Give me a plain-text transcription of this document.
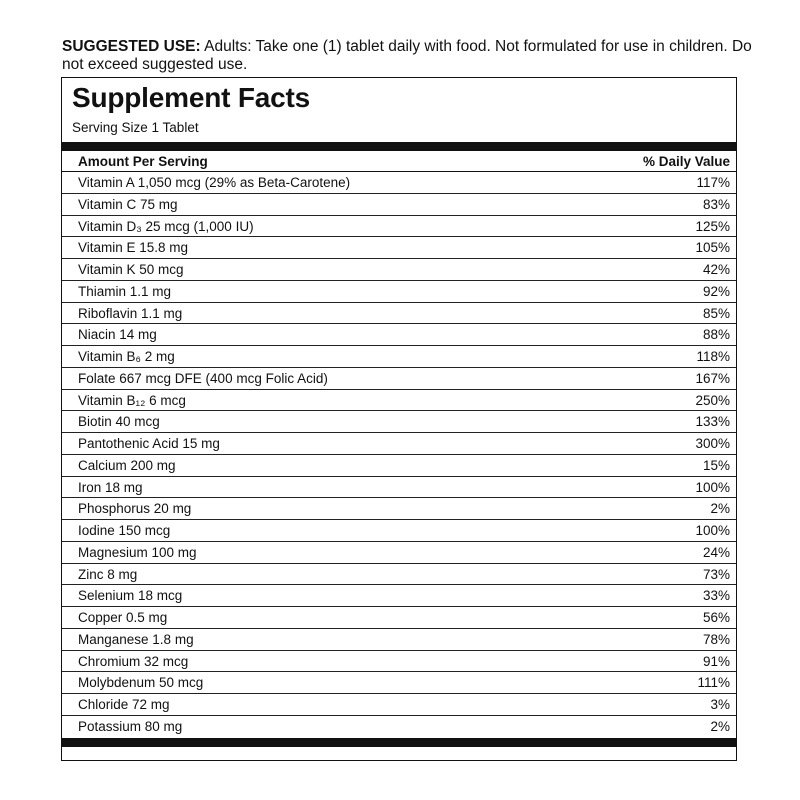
SUGGESTED USE: Adults: Take one (1) tablet daily with food. Not formulated for use in children. Do not exceed suggested use.
Supplement Facts
Serving Size 1 Tablet
Amount Per Serving	% Daily Value
Vitamin A 1,050 mcg (29% as Beta-Carotene)	117%
Vitamin C 75 mg	83%
Vitamin D₃ 25 mcg (1,000 IU)	125%
Vitamin E 15.8 mg	105%
Vitamin K 50 mcg	42%
Thiamin 1.1 mg	92%
Riboflavin 1.1 mg	85%
Niacin 14 mg	88%
Vitamin B₆ 2 mg	118%
Folate 667 mcg DFE (400 mcg Folic Acid)	167%
Vitamin B₁₂ 6 mcg	250%
Biotin 40 mcg	133%
Pantothenic Acid 15 mg	300%
Calcium 200 mg	15%
Iron 18 mg	100%
Phosphorus 20 mg	2%
Iodine 150 mcg	100%
Magnesium 100 mg	24%
Zinc 8 mg	73%
Selenium 18 mcg	33%
Copper 0.5 mg	56%
Manganese 1.8 mg	78%
Chromium 32 mcg	91%
Molybdenum 50 mcg	111%
Chloride 72 mg	3%
Potassium 80 mg	2%
